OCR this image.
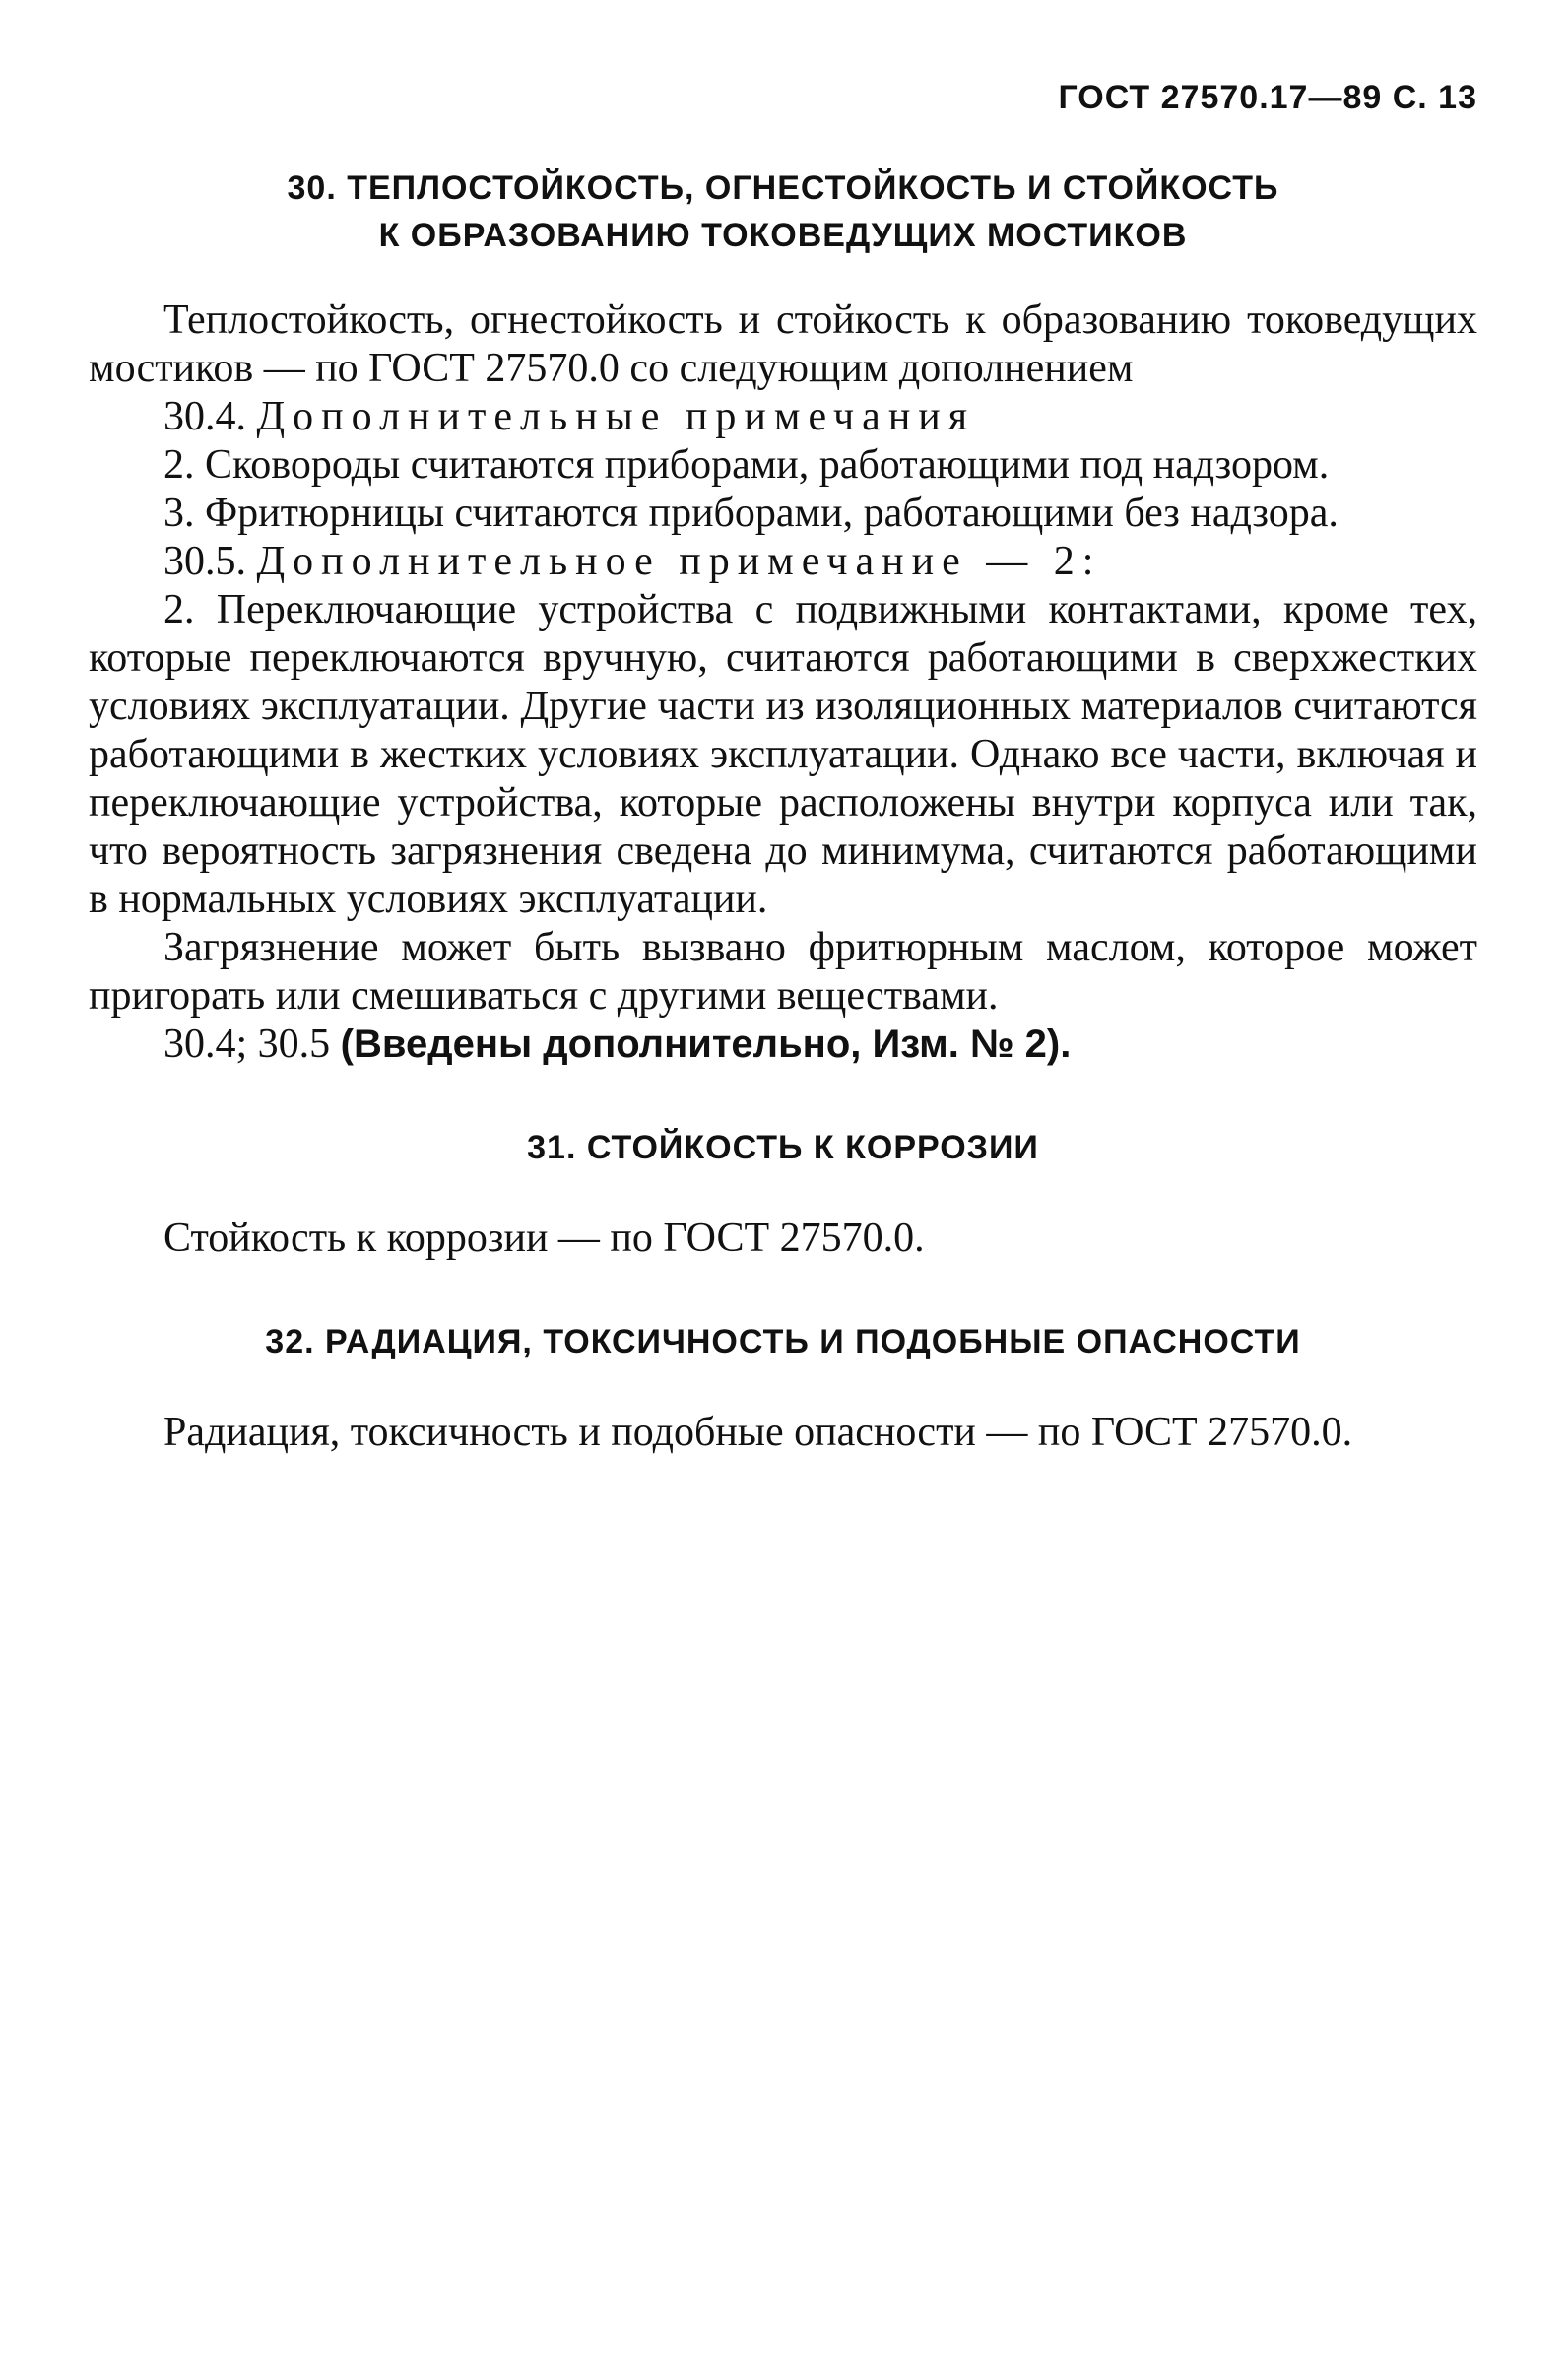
ГОСТ 27570.17—89 С. 13
30. ТЕПЛОСТОЙКОСТЬ, ОГНЕСТОЙКОСТЬ И СТОЙКОСТЬ
К ОБРАЗОВАНИЮ ТОКОВЕДУЩИХ МОСТИКОВ

Теплостойкость, огнестойкость и стойкость к образованию токоведущих мостиков — по ГОСТ 27570.0 со следующим дополнением

30.4. Дополнительные примечания

2. Сковороды считаются приборами, работающими под надзором.

3. Фритюрницы считаются приборами, работающими без надзора.

30.5. Дополнительное примечание — 2:

2. Переключающие устройства с подвижными контактами, кроме тех, которые переключаются вручную, считаются работающими в сверхжестких условиях эксплуатации. Другие части из изоляционных материалов считаются работающими в жестких условиях эксплуатации. Однако все части, включая и переключающие устройства, которые расположены внутри корпуса или так, что вероятность загрязнения сведена до минимума, считаются работающими в нормальных условиях эксплуатации.

Загрязнение может быть вызвано фритюрным маслом, которое может пригорать или смешиваться с другими веществами.

30.4; 30.5 (Введены дополнительно, Изм. № 2).

31. СТОЙКОСТЬ К КОРРОЗИИ

Стойкость к коррозии — по ГОСТ 27570.0.

32. РАДИАЦИЯ, ТОКСИЧНОСТЬ И ПОДОБНЫЕ ОПАСНОСТИ

Радиация, токсичность и подобные опасности — по ГОСТ 27570.0.
